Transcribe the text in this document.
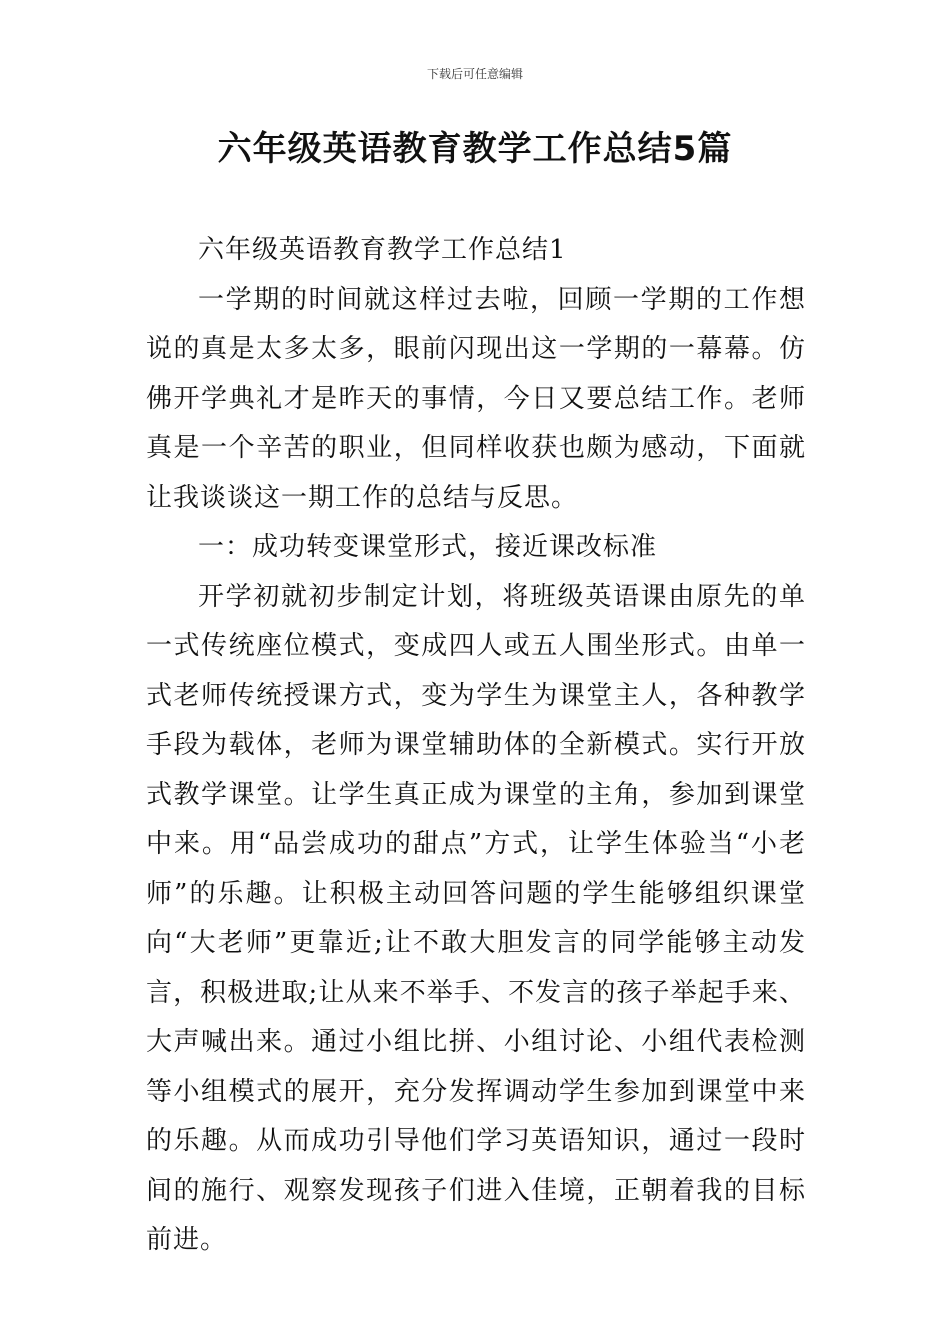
下载后可任意编辑
六年级英语教育教学工作总结5篇

六年级英语教育教学工作总结1

一学期的时间就这样过去啦，回顾一学期的工作想说的真是太多太多，眼前闪现出这一学期的一幕幕。仿佛开学典礼才是昨天的事情，今日又要总结工作。老师真是一个辛苦的职业，但同样收获也颇为感动，下面就让我谈谈这一期工作的总结与反思。

一：成功转变课堂形式，接近课改标准

开学初就初步制定计划，将班级英语课由原先的单一式传统座位模式，变成四人或五人围坐形式。由单一式老师传统授课方式，变为学生为课堂主人，各种教学手段为载体，老师为课堂辅助体的全新模式。实行开放式教学课堂。让学生真正成为课堂的主角，参加到课堂中来。用“品尝成功的甜点”方式，让学生体验当“小老师”的乐趣。让积极主动回答问题的学生能够组织课堂向“大老师”更靠近;让不敢大胆发言的同学能够主动发言，积极进取;让从来不举手、不发言的孩子举起手来、大声喊出来。通过小组比拼、小组讨论、小组代表检测等小组模式的展开，充分发挥调动学生参加到课堂中来的乐趣。从而成功引导他们学习英语知识，通过一段时间的施行、观察发现孩子们进入佳境，正朝着我的目标前进。
